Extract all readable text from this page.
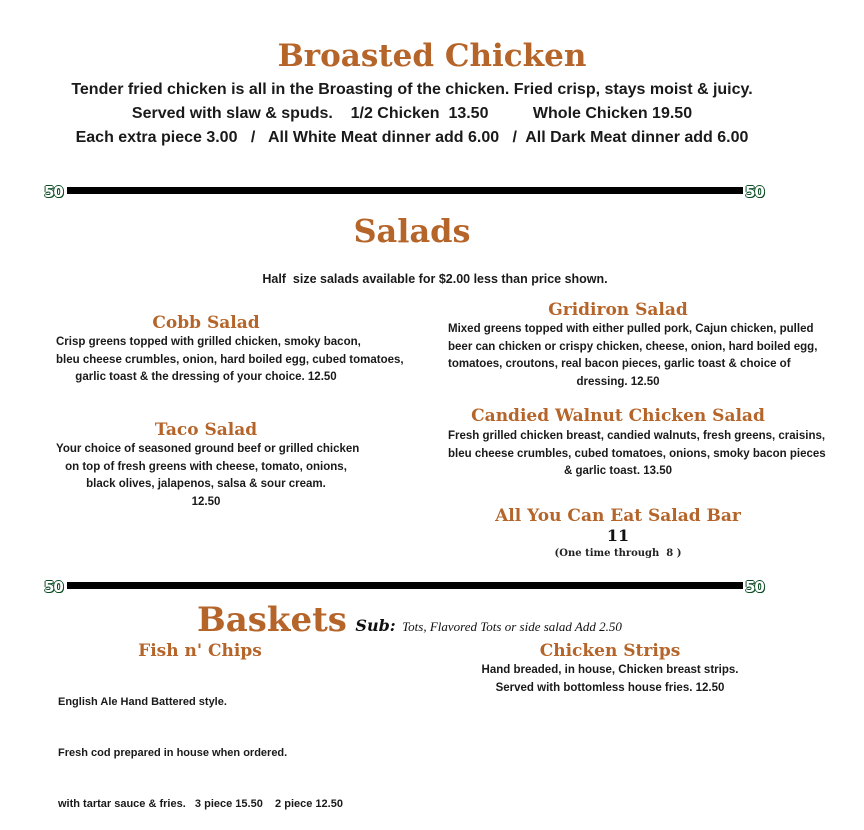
Broasted Chicken
Tender fried chicken is all in the Broasting of the chicken. Fried crisp, stays moist & juicy.
Served with slaw & spuds.    1/2 Chicken  13.50          Whole Chicken 19.50
Each extra piece 3.00   /   All White Meat dinner add 6.00   /  All Dark Meat dinner add 6.00
50	50
Salads
Half  size salads available for $2.00 less than price shown.
Cobb Salad
Crisp greens topped with grilled chicken, smoky bacon,
bleu cheese crumbles, onion, hard boiled egg, cubed tomatoes,
garlic toast & the dressing of your choice. 12.50
Gridiron Salad
Mixed greens topped with either pulled pork, Cajun chicken, pulled
beer can chicken or crispy chicken, cheese, onion, hard boiled egg,
tomatoes, croutons, real bacon pieces, garlic toast & choice of
dressing. 12.50
Taco Salad
Your choice of seasoned ground beef or grilled chicken
on top of fresh greens with cheese, tomato, onions,
black olives, jalapenos, salsa & sour cream.
12.50
Candied Walnut Chicken Salad
Fresh grilled chicken breast, candied walnuts, fresh greens, craisins,
bleu cheese crumbles, cubed tomatoes, onions, smoky bacon pieces
& garlic toast. 13.50
All You Can Eat Salad Bar
11
(One time through  8 )
50	50
Baskets Sub: Tots, Flavored Tots or side salad Add 2.50
Fish n' Chips

English Ale Hand Battered style.

Fresh cod prepared in house when ordered.

with tartar sauce & fries.   3 piece 15.50    2 piece 12.50

Chicken Strips
Hand breaded, in house, Chicken breast strips.
Served with bottomless house fries. 12.50
